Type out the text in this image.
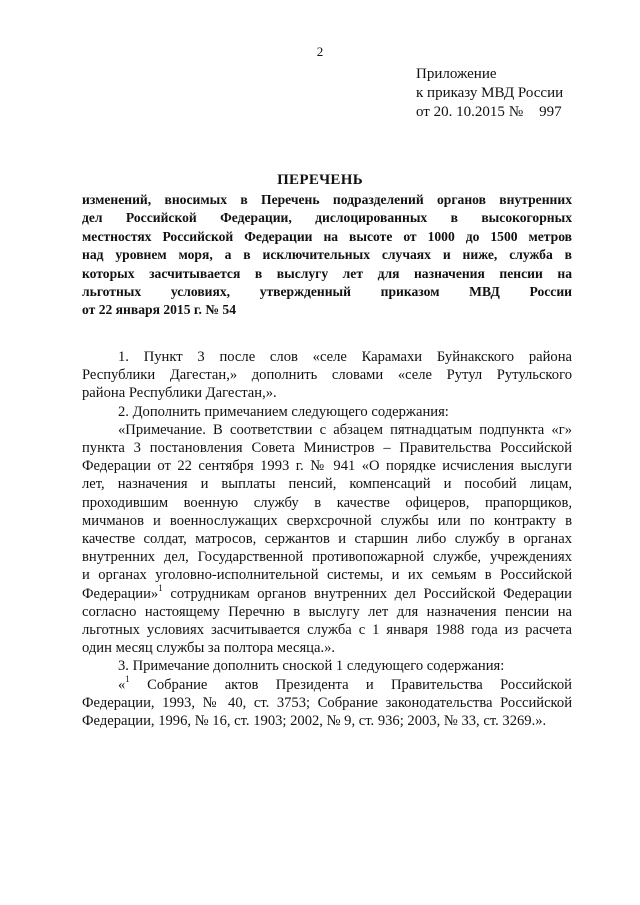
2
Приложение
к приказу МВД России
от 20. 10.2015 № 997
ПЕРЕЧЕНЬ
изменений, вносимых в Перечень подразделений органов внутренних
дел Российской Федерации, дислоцированных в высокогорных
местностях Российской Федерации на высоте от 1000 до 1500 метров
над уровнем моря, а в исключительных случаях и ниже, служба в
которых засчитывается в выслугу лет для назначения пенсии на
льготных условиях, утвержденный приказом МВД России
от 22 января 2015 г. № 54
1. Пункт 3 после слов «селе Карамахи Буйнакского района
Республики Дагестан,» дополнить словами «селе Рутул Рутульского
района Республики Дагестан,».
2. Дополнить примечанием следующего содержания:
«Примечание. В соответствии с абзацем пятнадцатым подпункта «г»
пункта 3 постановления Совета Министров – Правительства Российской
Федерации от 22 сентября 1993 г. № 941 «О порядке исчисления выслуги
лет, назначения и выплаты пенсий, компенсаций и пособий лицам,
проходившим военную службу в качестве офицеров, прапорщиков,
мичманов и военнослужащих сверхсрочной службы или по контракту в
качестве солдат, матросов, сержантов и старшин либо службу в органах
внутренних дел, Государственной противопожарной службе, учреждениях
и органах уголовно-исполнительной системы, и их семьям в Российской
Федерации»$^1$ сотрудникам органов внутренних дел Российской Федерации
согласно настоящему Перечню в выслугу лет для назначения пенсии на
льготных условиях засчитывается служба с 1 января 1988 года из расчета
один месяц службы за полтора месяца.».
3. Примечание дополнить сноской 1 следующего содержания:
«$^1$ Собрание актов Президента и Правительства Российской
Федерации, 1993, № 40, ст. 3753; Собрание законодательства Российской
Федерации, 1996, № 16, ст. 1903; 2002, № 9, ст. 936; 2003, № 33, ст. 3269.».
